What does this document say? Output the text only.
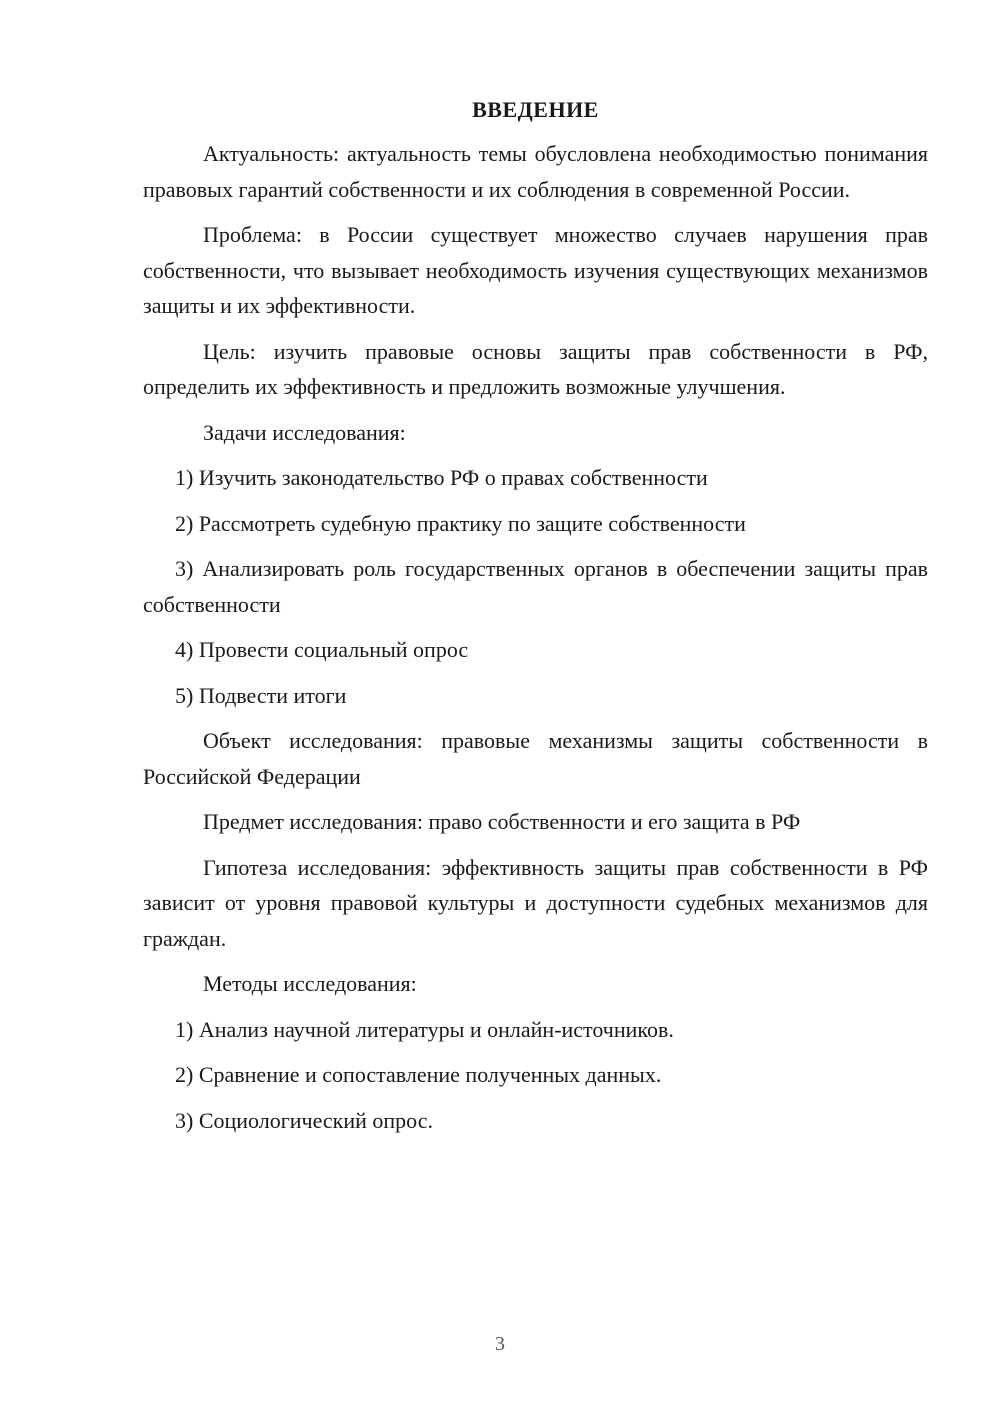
ВВЕДЕНИЕ

Актуальность: актуальность темы обусловлена необходимостью понимания правовых гарантий собственности и их соблюдения в современной России.

Проблема: в России существует множество случаев нарушения прав собственности, что вызывает необходимость изучения существующих механизмов защиты и их эффективности.

Цель: изучить правовые основы защиты прав собственности в РФ, определить их эффективность и предложить возможные улучшения.

Задачи исследования:

1) Изучить законодательство РФ о правах собственности

2) Рассмотреть судебную практику по защите собственности

3) Анализировать роль государственных органов в обеспечении защиты прав собственности

4) Провести социальный опрос

5) Подвести итоги

Объект исследования: правовые механизмы защиты собственности в Российской Федерации

Предмет исследования: право собственности и его защита в РФ

Гипотеза исследования: эффективность защиты прав собственности в РФ зависит от уровня правовой культуры и доступности судебных механизмов для граждан.

Методы исследования:

1) Анализ научной литературы и онлайн-источников.

2) Сравнение и сопоставление полученных данных.

3) Социологический опрос.

3
